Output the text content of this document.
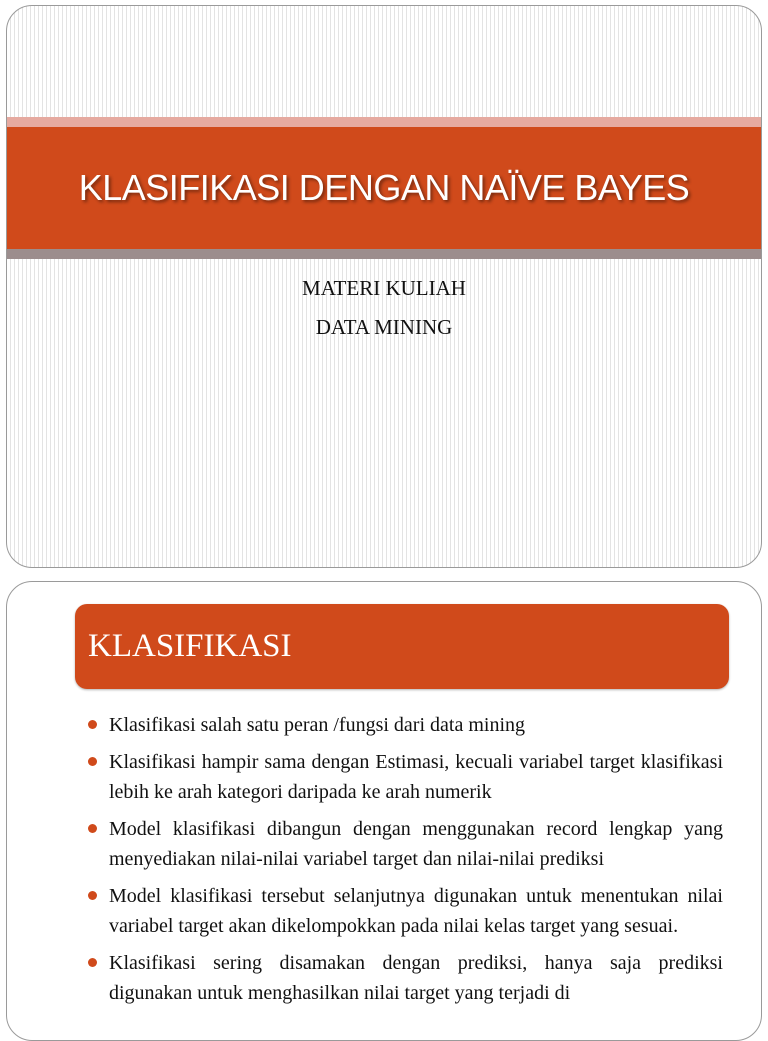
KLASIFIKASI DENGAN NAÏVE BAYES
MATERI KULIAH
DATA MINING
KLASIFIKASI
Klasifikasi salah satu peran /fungsi dari data mining
Klasifikasi hampir sama dengan Estimasi, kecuali variabel target klasifikasi lebih ke arah kategori daripada ke arah numerik
Model klasifikasi dibangun dengan menggunakan record lengkap yang menyediakan nilai-nilai variabel target dan nilai-nilai prediksi
Model klasifikasi tersebut selanjutnya digunakan untuk menentukan nilai variabel target akan dikelompokkan pada nilai kelas target yang sesuai.
Klasifikasi sering disamakan dengan prediksi, hanya saja prediksi digunakan untuk menghasilkan nilai target yang terjadi di
